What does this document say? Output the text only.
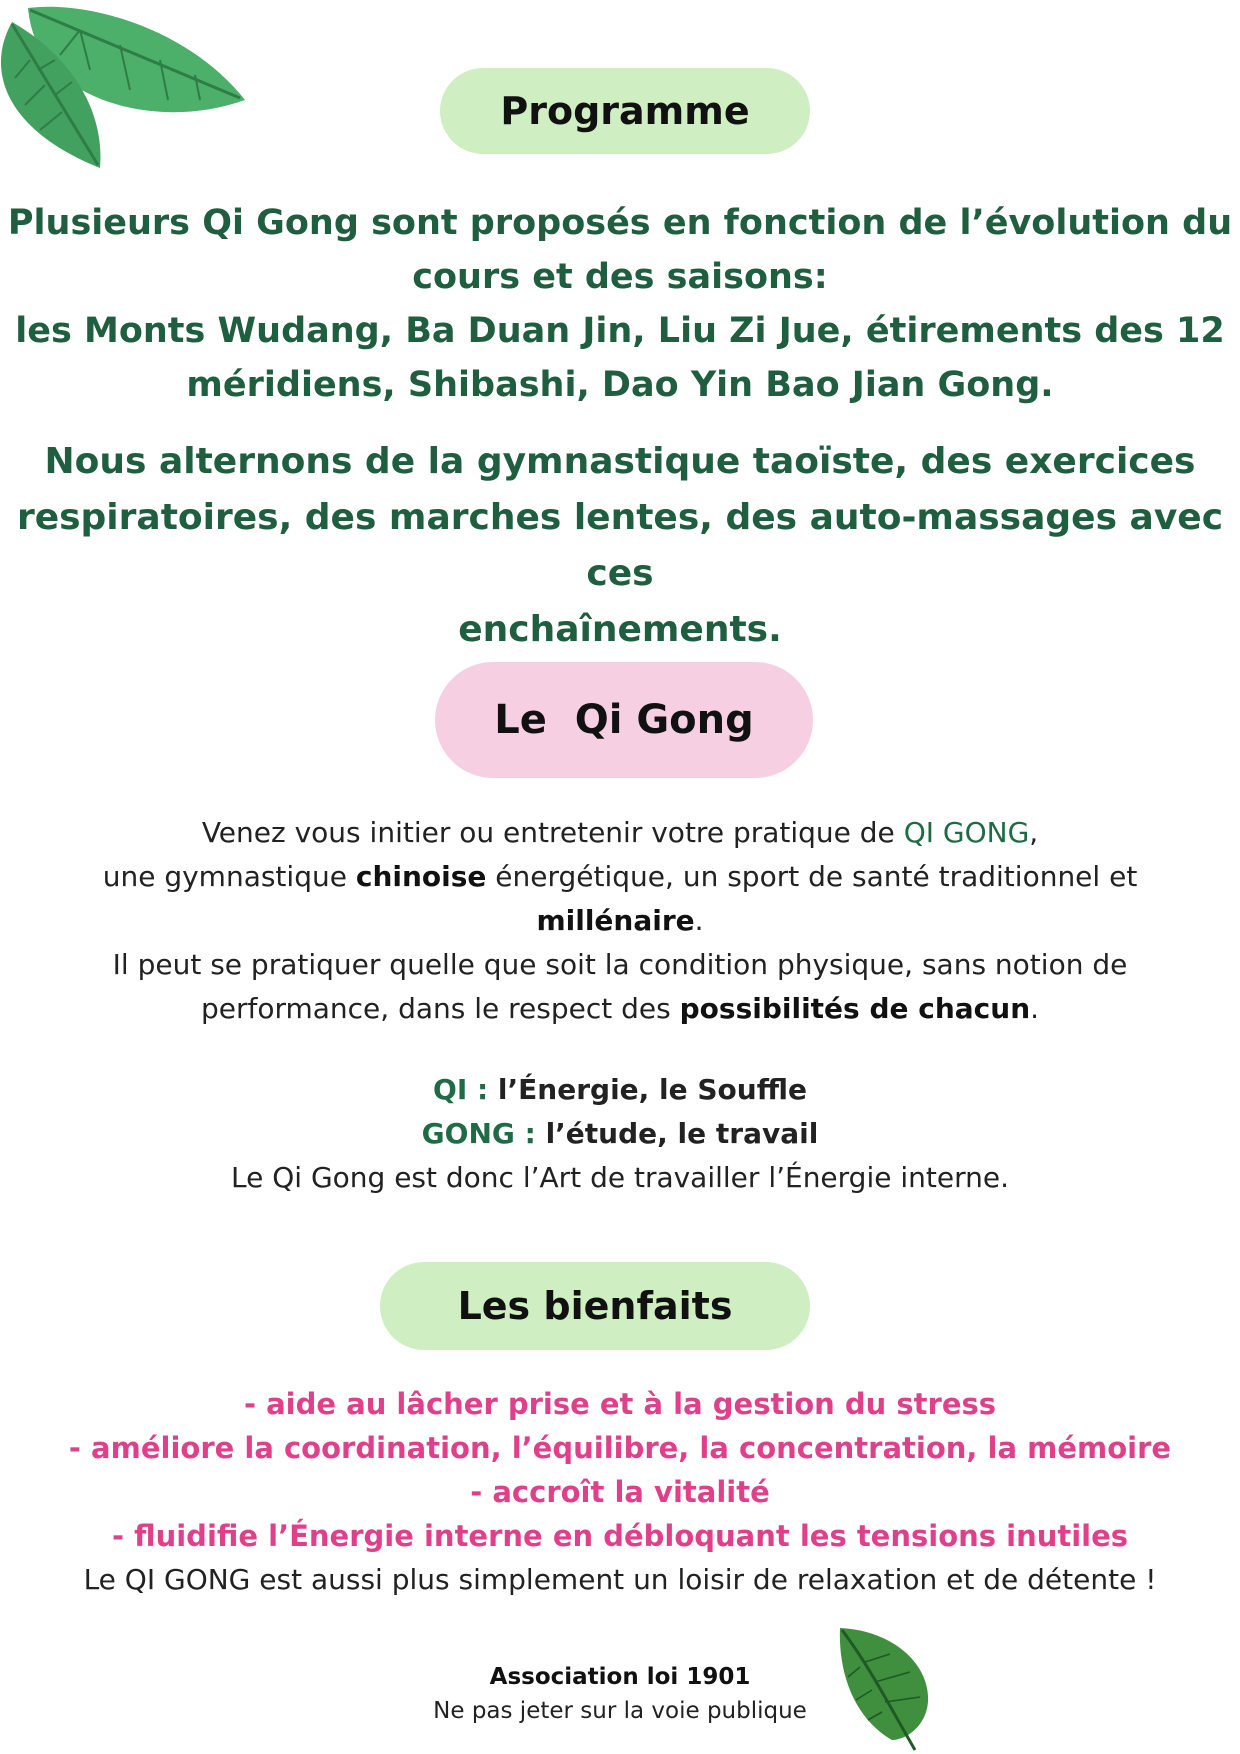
Programme
Plusieurs Qi Gong sont proposés en fonction de l’évolution du
cours et des saisons:
les Monts Wudang, Ba Duan Jin, Liu Zi Jue, étirements des 12
méridiens, Shibashi, Dao Yin Bao Jian Gong.
Nous alternons de la gymnastique taoïste, des exercices
respiratoires, des marches lentes, des auto-massages avec ces
enchaînements.
Le  Qi Gong
Venez vous initier ou entretenir votre pratique de QI GONG,
une gymnastique chinoise énergétique, un sport de santé traditionnel et
millénaire.
Il peut se pratiquer quelle que soit la condition physique, sans notion de
performance, dans le respect des possibilités de chacun.
QI : l’Énergie, le Souffle
GONG : l’étude, le travail
Le Qi Gong est donc l’Art de travailler l’Énergie interne.
Les bienfaits
- aide au lâcher prise et à la gestion du stress
- améliore la coordination, l’équilibre, la concentration, la mémoire
- accroît la vitalité
- fluidifie l’Énergie interne en débloquant les tensions inutiles
Le QI GONG est aussi plus simplement un loisir de relaxation et de détente !
Association loi 1901
Ne pas jeter sur la voie publique
